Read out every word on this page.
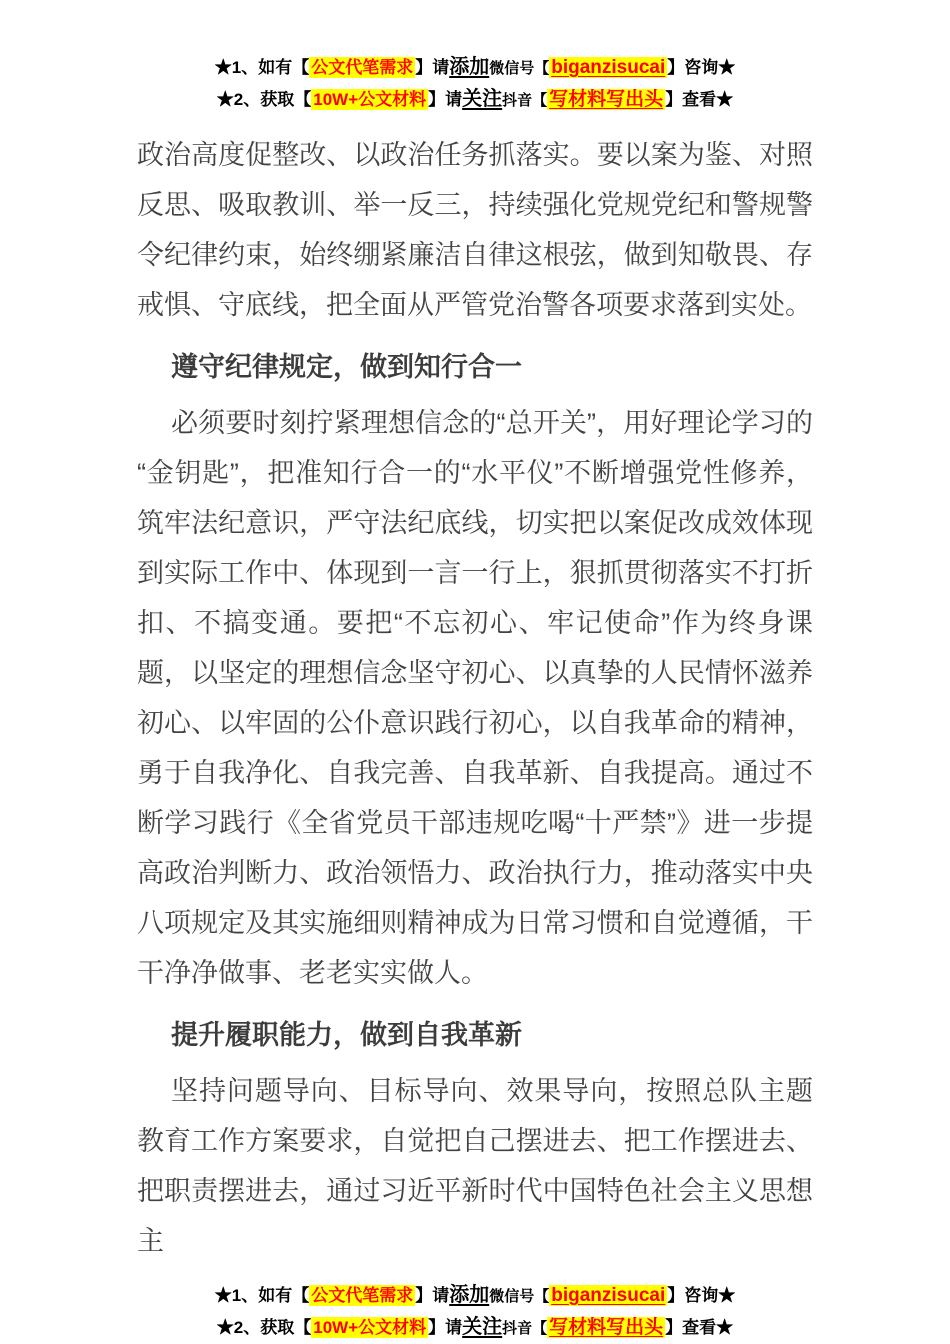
★1、如有【 公文代笔需求 】请添加微信号【 biganzisucai 】咨询★
★2、获取【 10W+公文材料 】请关注抖音【 写材料写出头 】查看★

政治高度促整改、以政治任务抓落实。要以案为鉴、对照反思、吸取教训、举一反三，持续强化党规党纪和警规警令纪律约束，始终绷紧廉洁自律这根弦，做到知敬畏、存戒惧、守底线，把全面从严管党治警各项要求落到实处。

遵守纪律规定，做到知行合一

必须要时刻拧紧理想信念的“总开关”，用好理论学习的“金钥匙”，把准知行合一的“水平仪”不断增强党性修养，筑牢法纪意识，严守法纪底线，切实把以案促改成效体现到实际工作中、体现到一言一行上，狠抓贯彻落实不打折扣、不搞变通。要把“不忘初心、牢记使命”作为终身课题，以坚定的理想信念坚守初心、以真挚的人民情怀滋养初心、以牢固的公仆意识践行初心，以自我革命的精神，勇于自我净化、自我完善、自我革新、自我提高。通过不断学习践行《全省党员干部违规吃喝“十严禁”》进一步提高政治判断力、政治领悟力、政治执行力，推动落实中央八项规定及其实施细则精神成为日常习惯和自觉遵循，干干净净做事、老老实实做人。

提升履职能力，做到自我革新

坚持问题导向、目标导向、效果导向，按照总队主题教育工作方案要求，自觉把自己摆进去、把工作摆进去、把职责摆进去，通过习近平新时代中国特色社会主义思想主

★1、如有【 公文代笔需求 】请添加微信号【 biganzisucai 】咨询★
★2、获取【 10W+公文材料 】请关注抖音【 写材料写出头 】查看★
